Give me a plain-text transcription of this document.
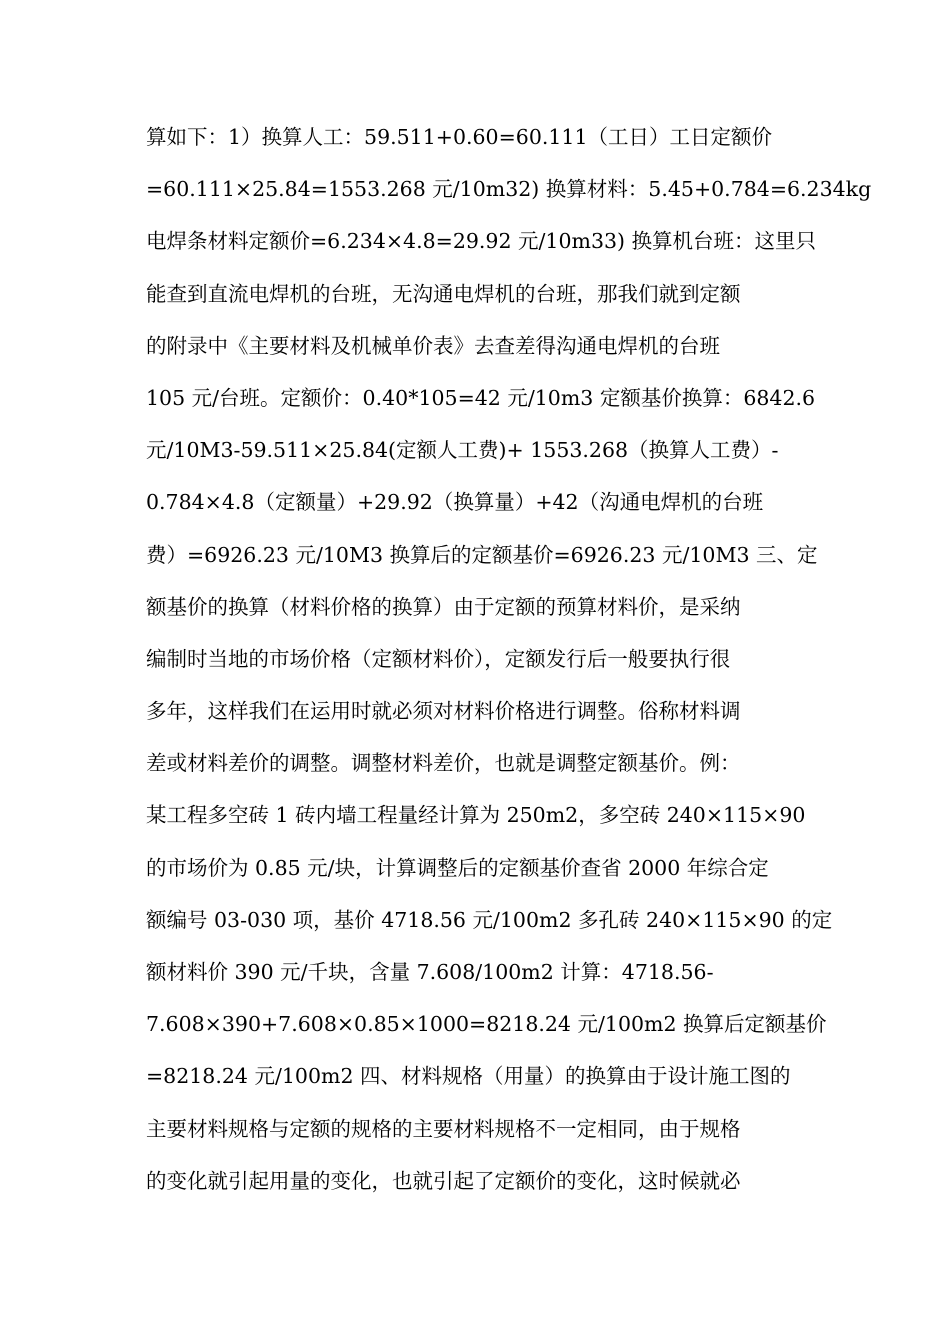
算如下：1）换算人工：59.511+0.60=60.111（工日）工日定额价
=60.111×25.84=1553.268 元/10m32) 换算材料：5.45+0.784=6.234kg
电焊条材料定额价=6.234×4.8=29.92 元/10m33) 换算机台班：这里只
能查到直流电焊机的台班，无沟通电焊机的台班，那我们就到定额
的附录中《主要材料及机械单价表》去查差得沟通电焊机的台班
105 元/台班。定额价：0.40*105=42 元/10m3 定额基价换算：6842.6
元/10M3-59.511×25.84(定额人工费)+ 1553.268（换算人工费）-
0.784×4.8（定额量）+29.92（换算量）+42（沟通电焊机的台班
费）=6926.23 元/10M3 换算后的定额基价=6926.23 元/10M3 三、定
额基价的换算（材料价格的换算）由于定额的预算材料价，是采纳
编制时当地的市场价格（定额材料价），定额发行后一般要执行很
多年，这样我们在运用时就必须对材料价格进行调整。俗称材料调
差或材料差价的调整。调整材料差价，也就是调整定额基价。例：
某工程多空砖 1 砖内墙工程量经计算为 250m2，多空砖 240×115×90
的市场价为 0.85 元/块，计算调整后的定额基价查省 2000 年综合定
额编号 03-030 项，基价 4718.56 元/100m2 多孔砖 240×115×90 的定
额材料价 390 元/千块，含量 7.608/100m2 计算：4718.56-
7.608×390+7.608×0.85×1000=8218.24 元/100m2 换算后定额基价
=8218.24 元/100m2 四、材料规格（用量）的换算由于设计施工图的
主要材料规格与定额的规格的主要材料规格不一定相同，由于规格
的变化就引起用量的变化，也就引起了定额价的变化，这时候就必
